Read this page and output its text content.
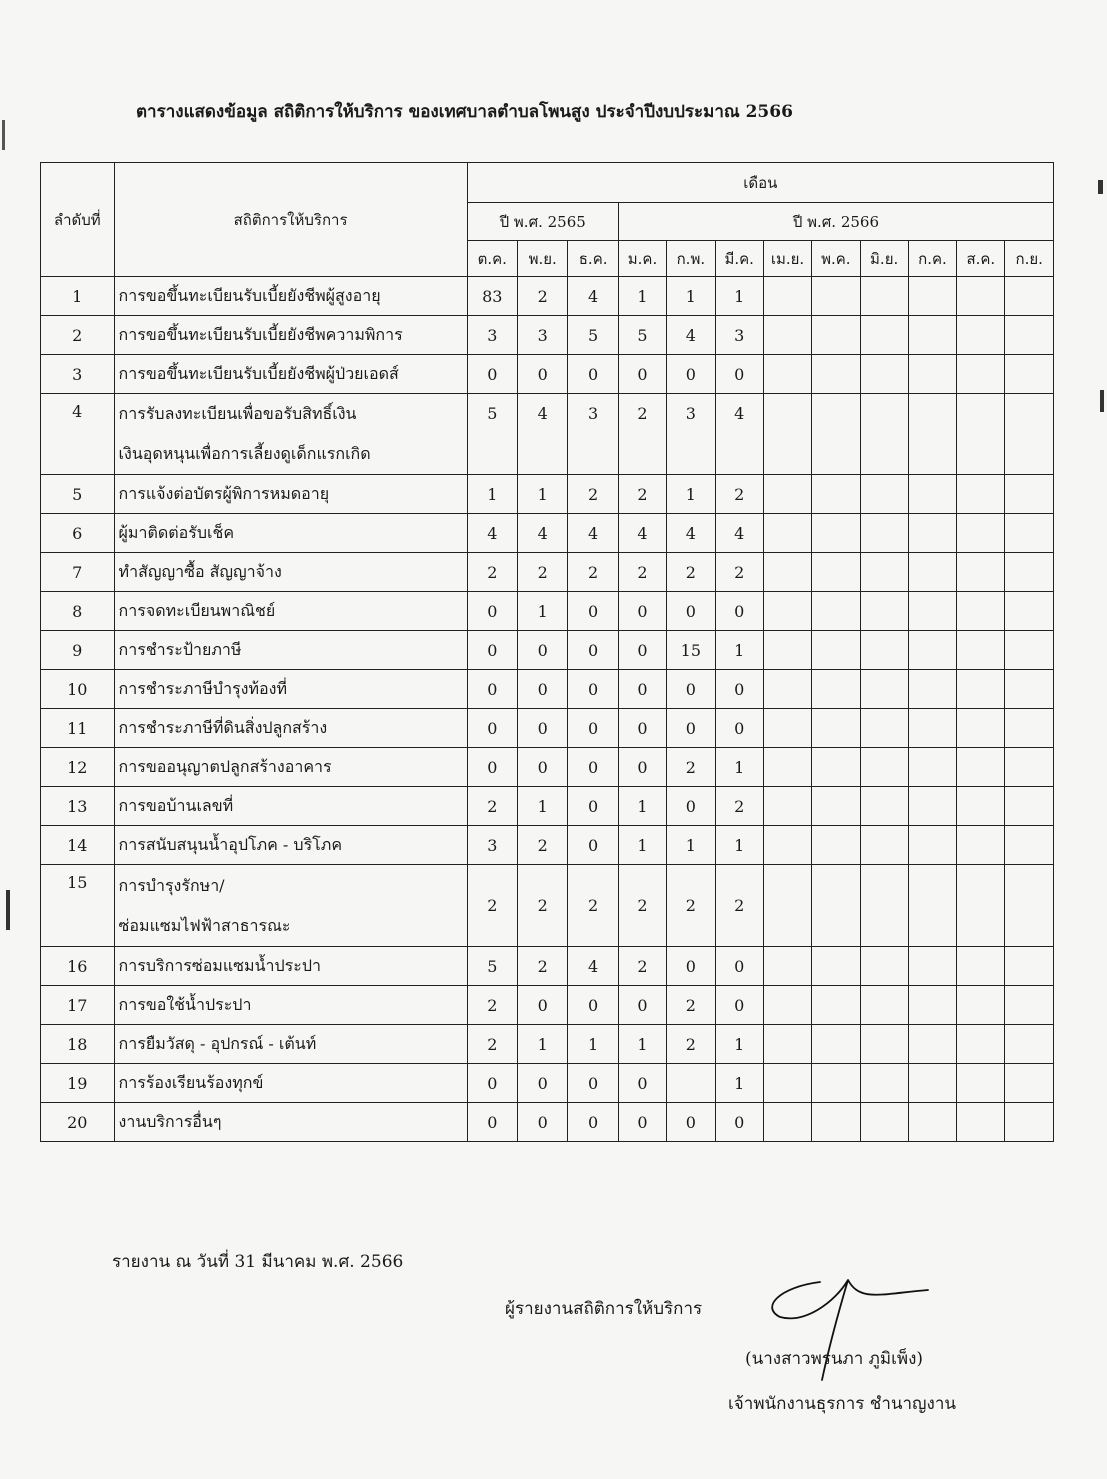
ตารางแสดงข้อมูล สถิติการให้บริการ ของเทศบาลตำบลโพนสูง ประจำปีงบประมาณ 2566
ลำดับที่	สถิติการให้บริการ	เดือน											
		ปี พ.ศ. 2565			ปี พ.ศ. 2566								
		ต.ค.	พ.ย.	ธ.ค.	ม.ค.	ก.พ.	มี.ค.	เม.ย.	พ.ค.	มิ.ย.	ก.ค.	ส.ค.	ก.ย.
1	การขอขึ้นทะเบียนรับเบี้ยยังชีพผู้สูงอายุ	83	2	4	1	1	1						
2	การขอขึ้นทะเบียนรับเบี้ยยังชีพความพิการ	3	3	5	5	4	3						
3	การขอขึ้นทะเบียนรับเบี้ยยังชีพผู้ป่วยเอดส์	0	0	0	0	0	0						
4	การรับลงทะเบียนเพื่อขอรับสิทธิ์เงิน
เงินอุดหนุนเพื่อการเลี้ยงดูเด็กแรกเกิด	5	4	3	2	3	4						
5	การแจ้งต่อบัตรผู้พิการหมดอายุ	1	1	2	2	1	2						
6	ผู้มาติดต่อรับเช็ค	4	4	4	4	4	4						
7	ทำสัญญาซื้อ สัญญาจ้าง	2	2	2	2	2	2						
8	การจดทะเบียนพาณิชย์	0	1	0	0	0	0						
9	การชำระป้ายภาษี	0	0	0	0	15	1						
10	การชำระภาษีบำรุงท้องที่	0	0	0	0	0	0						
11	การชำระภาษีที่ดินสิ่งปลูกสร้าง	0	0	0	0	0	0						
12	การขออนุญาตปลูกสร้างอาคาร	0	0	0	0	2	1						
13	การขอบ้านเลขที่	2	1	0	1	0	2						
14	การสนับสนุนน้ำอุปโภค - บริโภค	3	2	0	1	1	1						
15	การบำรุงรักษา/
ซ่อมแซมไฟฟ้าสาธารณะ	2	2	2	2	2	2						
16	การบริการซ่อมแซมน้ำประปา	5	2	4	2	0	0						
17	การขอใช้น้ำประปา	2	0	0	0	2	0						
18	การยืมวัสดุ - อุปกรณ์ - เต้นท์	2	1	1	1	2	1						
19	การร้องเรียนร้องทุกข์	0	0	0	0		1						
20	งานบริการอื่นๆ	0	0	0	0	0	0						
รายงาน ณ วันที่ 31 มีนาคม พ.ศ. 2566
ผู้รายงานสถิติการให้บริการ
(นางสาวพรนภา ภูมิเพ็ง)
เจ้าพนักงานธุรการ ชำนาญงาน
